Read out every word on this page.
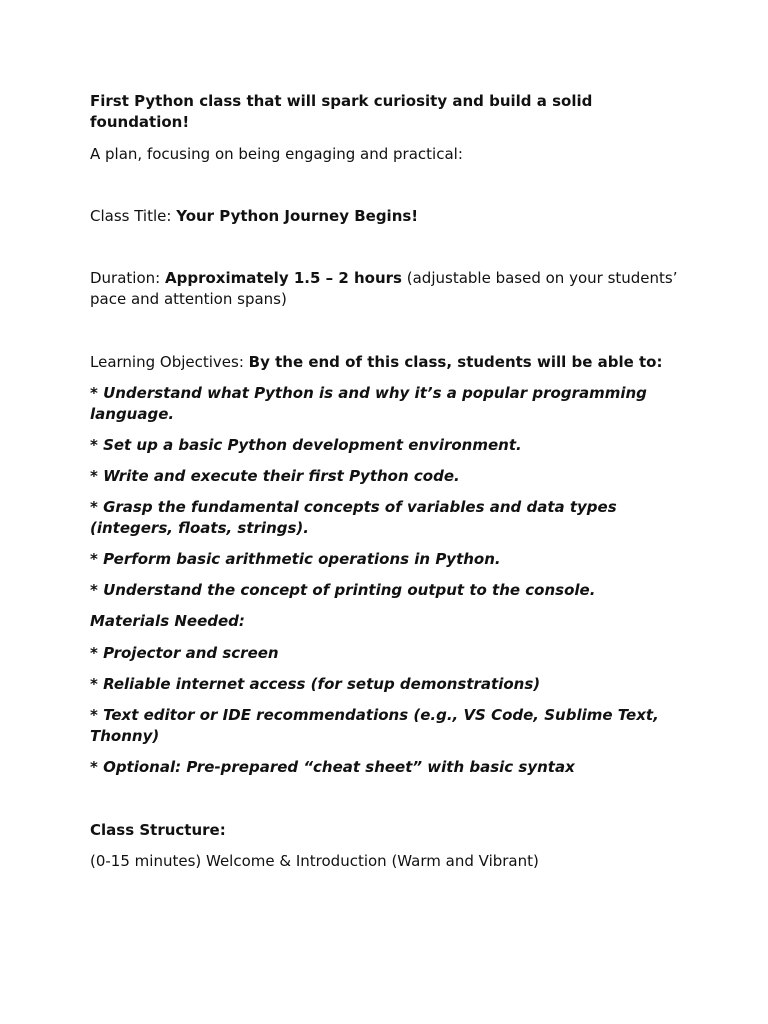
First Python class that will spark curiosity and build a solid foundation!

A plan, focusing on being engaging and practical:

Class Title: Your Python Journey Begins!

Duration: Approximately 1.5 – 2 hours (adjustable based on your students’ pace and attention spans)

Learning Objectives: By the end of this class, students will be able to:

* Understand what Python is and why it’s a popular programming language.

* Set up a basic Python development environment.

* Write and execute their first Python code.

* Grasp the fundamental concepts of variables and data types (integers, floats, strings).

* Perform basic arithmetic operations in Python.

* Understand the concept of printing output to the console.

Materials Needed:

* Projector and screen

* Reliable internet access (for setup demonstrations)

* Text editor or IDE recommendations (e.g., VS Code, Sublime Text, Thonny)

* Optional: Pre-prepared “cheat sheet” with basic syntax

Class Structure:

(0-15 minutes) Welcome & Introduction (Warm and Vibrant)
